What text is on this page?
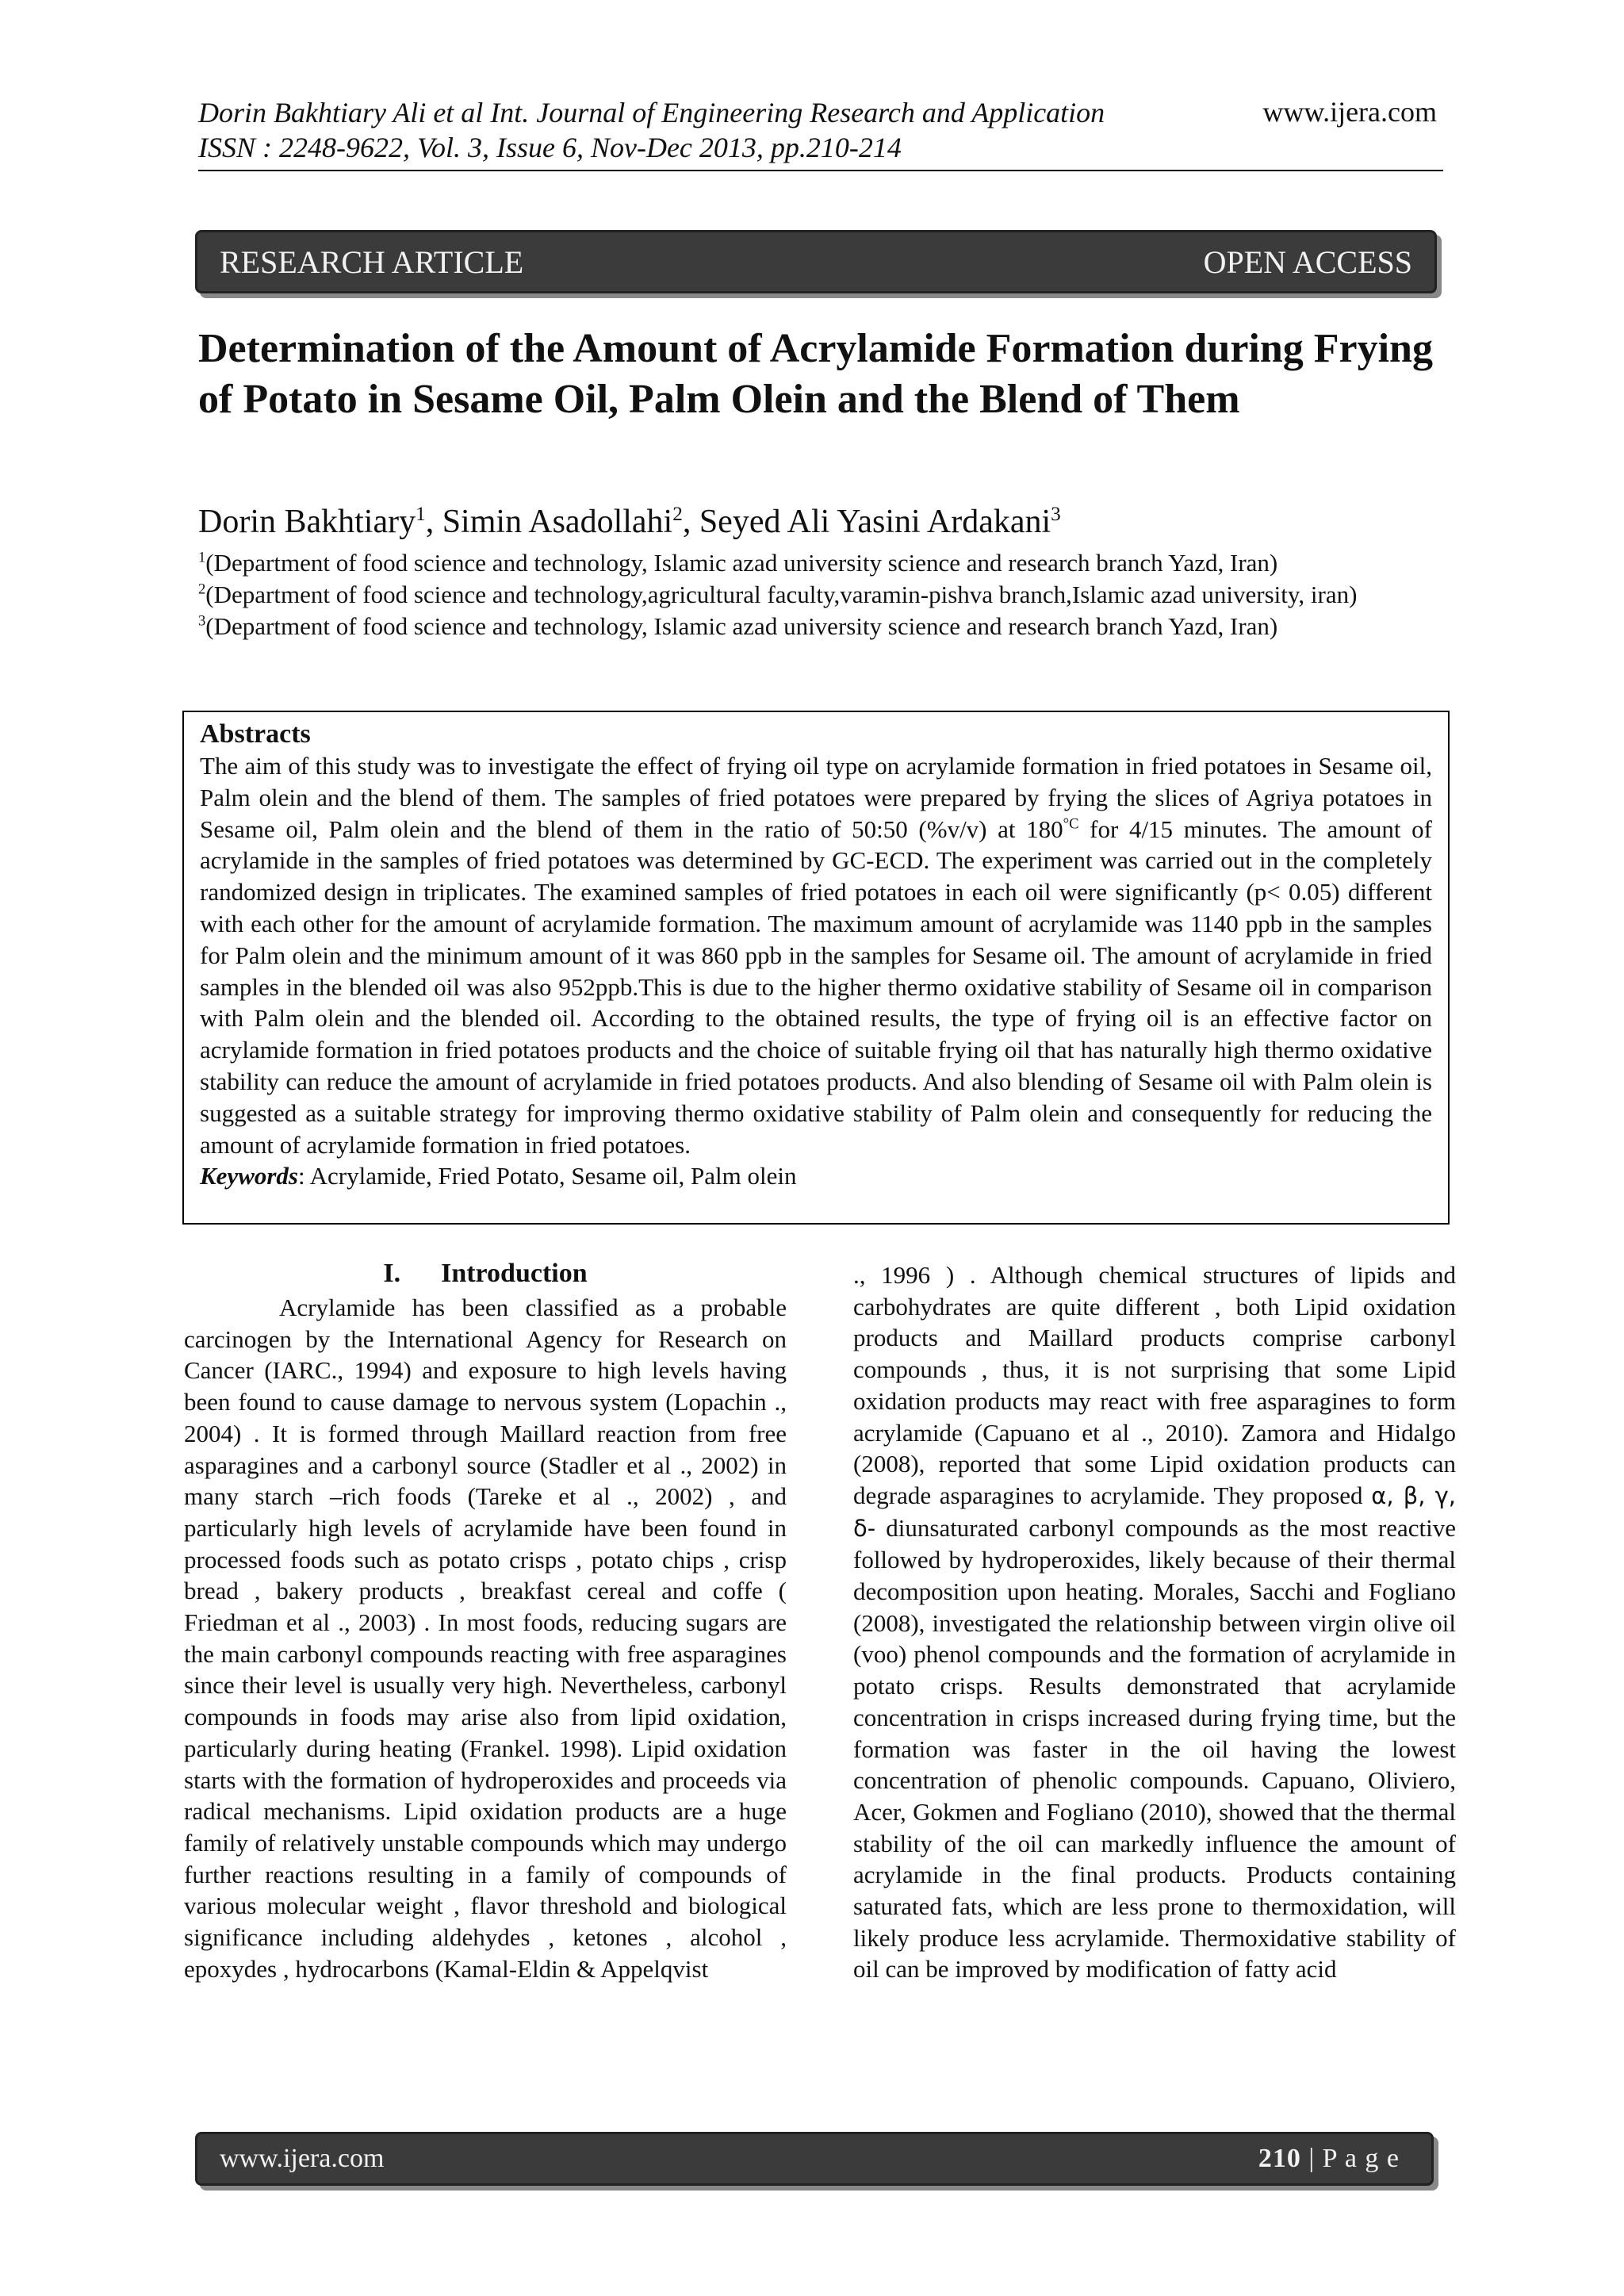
Dorin Bakhtiary Ali et al Int. Journal of Engineering Research and Application
ISSN : 2248-9622, Vol. 3, Issue 6, Nov-Dec 2013, pp.210-214
www.ijera.com
RESEARCH ARTICLE	OPEN ACCESS
Determination of the Amount of Acrylamide Formation during Frying of Potato in Sesame Oil, Palm Olein and the Blend of Them
Dorin Bakhtiary$^1$, Simin Asadollahi$^2$, Seyed Ali Yasini Ardakani$^3$
$^1$(Department of food science and technology, Islamic azad university science and research branch Yazd, Iran)
$^2$(Department of food science and technology,agricultural faculty,varamin-pishva branch,Islamic azad university, iran)
$^3$(Department of food science and technology, Islamic azad university science and research branch Yazd, Iran)
Abstracts
The aim of this study was to investigate the effect of frying oil type on acrylamide formation in fried potatoes in Sesame oil, Palm olein and the blend of them. The samples of fried potatoes were prepared by frying the slices of Agriya potatoes in Sesame oil, Palm olein and the blend of them in the ratio of 50:50 (%v/v) at $180^{^\circ C}$ for 4/15 minutes. The amount of acrylamide in the samples of fried potatoes was determined by GC-ECD. The experiment was carried out in the completely randomized design in triplicates. The examined samples of fried potatoes in each oil were significantly (p< 0.05) different with each other for the amount of acrylamide formation. The maximum amount of acrylamide was 1140 ppb in the samples for Palm olein and the minimum amount of it was 860 ppb in the samples for Sesame oil. The amount of acrylamide in fried samples in the blended oil was also 952ppb.This is due to the higher thermo oxidative stability of Sesame oil in comparison with Palm olein and the blended oil. According to the obtained results, the type of frying oil is an effective factor on acrylamide formation in fried potatoes products and the choice of suitable frying oil that has naturally high thermo oxidative stability can reduce the amount of acrylamide in fried potatoes products. And also blending of Sesame oil with Palm olein is suggested as a suitable strategy for improving thermo oxidative stability of Palm olein and consequently for reducing the amount of acrylamide formation in fried potatoes.
Keywords: Acrylamide, Fried Potato, Sesame oil, Palm olein
I.      Introduction

Acrylamide has been classified as a probable carcinogen by the International Agency for Research on Cancer (IARC., 1994) and exposure to high levels having been found to cause damage to nervous system (Lopachin ., 2004) . It is formed through Maillard reaction from free asparagines and a carbonyl source (Stadler et al ., 2002) in many starch –rich foods (Tareke et al ., 2002) , and particularly high levels of acrylamide have been found in processed foods such as potato crisps , potato chips , crisp bread , bakery products , breakfast cereal and coffe ( Friedman et al ., 2003) . In most foods, reducing sugars are the main carbonyl compounds reacting with free asparagines since their level is usually very high. Nevertheless, carbonyl compounds in foods may arise also from lipid oxidation, particularly during heating (Frankel. 1998). Lipid oxidation starts with the formation of hydroperoxides and proceeds via radical mechanisms. Lipid oxidation products are a huge family of relatively unstable compounds which may undergo further reactions resulting in a family of compounds of various molecular weight , flavor threshold and biological significance including aldehydes , ketones , alcohol , epoxydes , hydrocarbons (Kamal-Eldin & Appelqvist

., 1996 ) . Although chemical structures of lipids and carbohydrates are quite different , both Lipid oxidation products and Maillard products comprise carbonyl compounds , thus, it is not surprising that some Lipid oxidation products may react with free asparagines to form acrylamide (Capuano et al ., 2010). Zamora and Hidalgo (2008), reported that some Lipid oxidation products can degrade asparagines to acrylamide. They proposed α, β, γ, δ- diunsaturated carbonyl compounds as the most reactive followed by hydroperoxides, likely because of their thermal decomposition upon heating. Morales, Sacchi and Fogliano (2008), investigated the relationship between virgin olive oil (voo) phenol compounds and the formation of acrylamide in potato crisps. Results demonstrated that acrylamide concentration in crisps increased during frying time, but the formation was faster in the oil having the lowest concentration of phenolic compounds. Capuano, Oliviero, Acer, Gokmen and Fogliano (2010), showed that the thermal stability of the oil can markedly influence the amount of acrylamide in the final products. Products containing saturated fats, which are less prone to thermoxidation, will likely produce less acrylamide. Thermoxidative stability of oil can be improved by modification of fatty acid

www.ijera.com	210 | P a g e
